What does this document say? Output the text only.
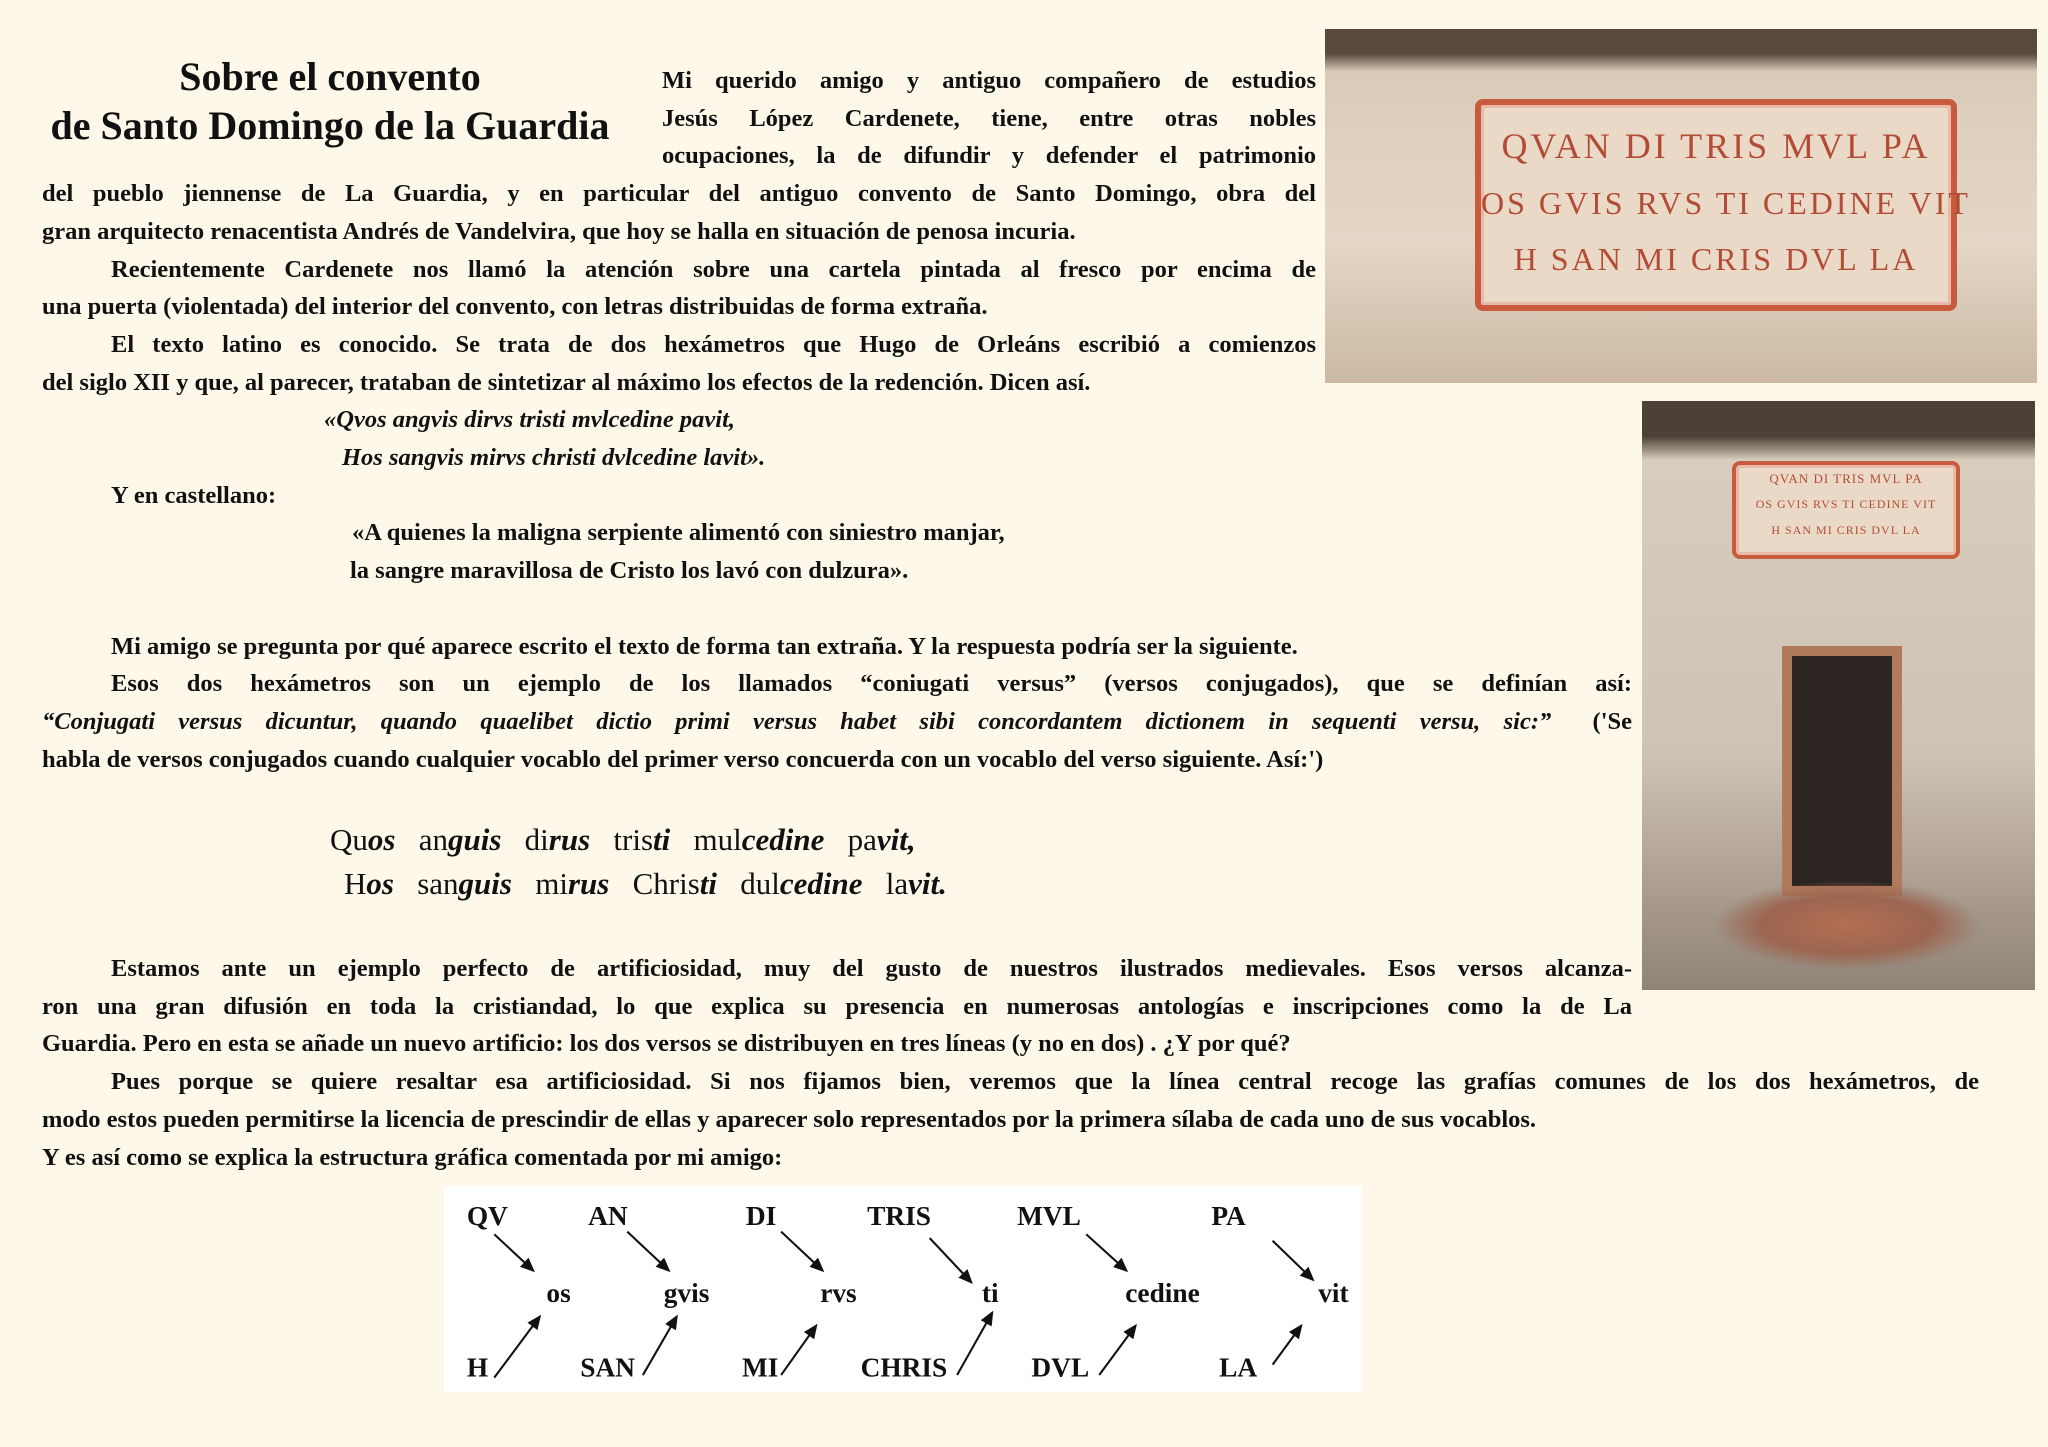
Sobre el convento
de Santo Domingo de la Guardia
Mi querido amigo y antiguo compañero de estudios
Jesús López Cardenete, tiene, entre otras nobles
ocupaciones, la de difundir y defender el patrimonio
del pueblo jiennense de La Guardia, y en particular del antiguo convento de Santo Domingo, obra del
gran arquitecto renacentista Andrés de Vandelvira, que hoy se halla en situación de penosa incuria.
Recientemente Cardenete nos llamó la atención sobre una cartela pintada al fresco por encima de
una puerta (violentada) del interior del convento, con letras distribuidas de forma extraña.
El texto latino es conocido. Se trata de dos hexámetros que Hugo de Orleáns escribió a comienzos
del siglo XII y que, al parecer, trataban de sintetizar al máximo los efectos de la redención. Dicen así.
«Qvos angvis dirvs tristi mvlcedine pavit,
Hos sangvis mirvs christi dvlcedine lavit».
Y en castellano:
«A quienes la maligna serpiente alimentó con siniestro manjar,
la sangre maravillosa de Cristo los lavó con dulzura».
Mi amigo se pregunta por qué aparece escrito el texto de forma tan extraña. Y la respuesta podría ser la siguiente.
Esos dos hexámetros son un ejemplo de los llamados “coniugati versus” (versos conjugados), que se definían así:
“Conjugati versus dicuntur, quando quaelibet dictio primi versus habet sibi concordantem dictionem in sequenti versu, sic:” ('Se
habla de versos conjugados cuando cualquier vocablo del primer verso concuerda con un vocablo del verso siguiente. Así:')
Estamos ante un ejemplo perfecto de artificiosidad, muy del gusto de nuestros ilustrados medievales. Esos versos alcanza-
ron una gran difusión en toda la cristiandad, lo que explica su presencia en numerosas antologías e inscripciones como la de La
Guardia. Pero en esta se añade un nuevo artificio: los dos versos se distribuyen en tres líneas (y no en dos) . ¿Y por qué?
Pues porque se quiere resaltar esa artificiosidad. Si nos fijamos bien, veremos que la línea central recoge las grafías comunes de los dos hexámetros, de
modo estos pueden permitirse la licencia de prescindir de ellas y aparecer solo representados por la primera sílaba de cada uno de sus vocablos.
Y es así como se explica la estructura gráfica comentada por mi amigo:
Quos anguis dirus tristi mulcedine pavit,
Hos sanguis mirus Christi dulcedine lavit.
QVAN DI TRIS MVL PA
OS GVIS RVS TI CEDINE VIT
H SAN MI CRIS DVL LA
QVAN DI TRIS MVL PA
OS GVIS RVS TI CEDINE VIT
H SAN MI CRIS DVL LA
QV	AN	DI	TRIS	MVL	PA
os	gvis	rvs	ti	cedine	vit
H	SAN	MI	CHRIS	DVL	LA
